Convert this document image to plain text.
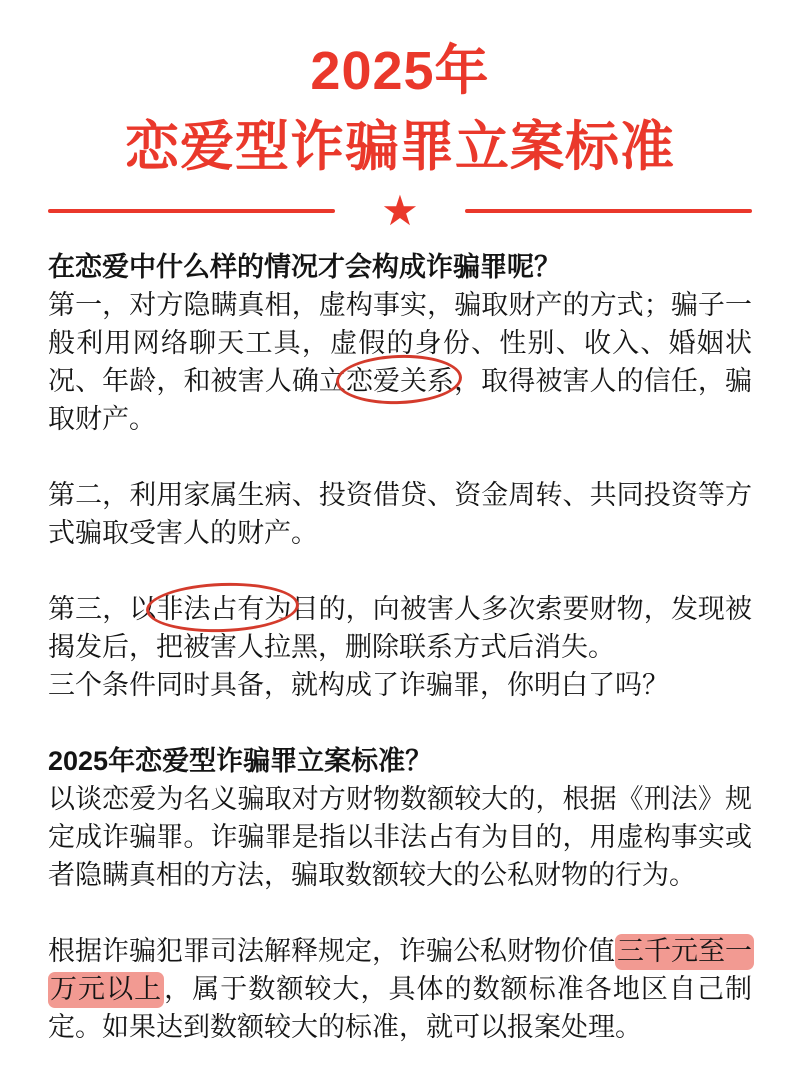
2025年
恋爱型诈骗罪立案标准
★

在恋爱中什么样的情况才会构成诈骗罪呢？

第一，对方隐瞒真相，虚构事实，骗取财产的方式；骗子一般利用网络聊天工具，虚假的身份、性别、收入、婚姻状况、年龄，和被害人确立恋爱关系，取得被害人的信任，骗取财产。

第二，利用家属生病、投资借贷、资金周转、共同投资等方式骗取受害人的财产。

第三，以非法占有为目的，向被害人多次索要财物，发现被揭发后，把被害人拉黑，删除联系方式后消失。

三个条件同时具备，就构成了诈骗罪，你明白了吗？

2025年恋爱型诈骗罪立案标准？

以谈恋爱为名义骗取对方财物数额较大的，根据《刑法》规定成诈骗罪。诈骗罪是指以非法占有为目的，用虚构事实或者隐瞒真相的方法，骗取数额较大的公私财物的行为。

根据诈骗犯罪司法解释规定，诈骗公私财物价值三千元至一万元以上，属于数额较大，具体的数额标准各地区自己制定。如果达到数额较大的标准，就可以报案处理。
